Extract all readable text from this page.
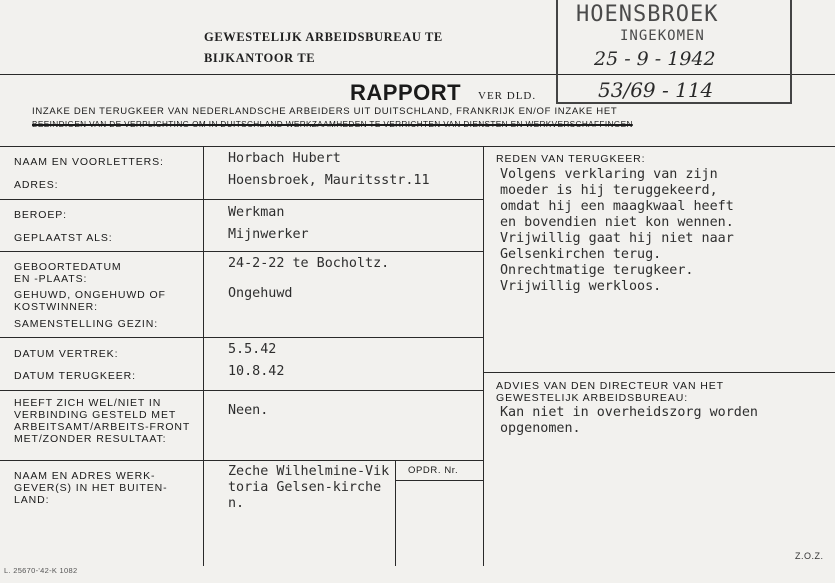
GEWESTELIJK ARBEIDSBUREAU TE
BIJKANTOOR TE
RAPPORT VER DLD.
INZAKE DEN TERUGKEER VAN NEDERLANDSCHE ARBEIDERS UIT DUITSCHLAND, FRANKRIJK EN/OF INZAKE HET
BEEINDIGEN VAN DE VERPLICHTING OM IN DUITSCHLAND WERKZAAMHEDEN TE VERRICHTEN VAN DIENSTEN EN WERKVERSCHAFFINGEN
HOENSBROEK
INGEKOMEN
25 - 9 - 1942
53/69 - 114
NAAM EN VOORLETTERS:
ADRES:
BEROEP:
GEPLAATST ALS:
GEBOORTEDATUM EN -PLAATS:
GEHUWD, ONGEHUWD OF KOSTWINNER:
SAMENSTELLING GEZIN:
DATUM VERTREK:
DATUM TERUGKEER:
HEEFT ZICH WEL/NIET IN VERBINDING GESTELD MET ARBEITSAMT/ARBEITS-FRONT MET/ZONDER RESULTAAT:
NAAM EN ADRES WERK-GEVER(S) IN HET BUITEN-LAND:
Horbach Hubert
Hoensbroek, Mauritsstr.11
Werkman
Mijnwerker
24-2-22 te Bocholtz.
Ongehuwd
5.5.42
10.8.42
Neen.
Zeche Wilhelmine-Viktoria Gelsen-kirchen.
OPDR. Nr.
REDEN VAN TERUGKEER:
Volgens verklaring van zijn
moeder is hij teruggekeerd,
omdat hij een maagkwaal heeft
en bovendien niet kon wennen.
Vrijwillig gaat hij niet naar
Gelsenkirchen terug.
Onrechtmatige terugkeer.
Vrijwillig werkloos.
ADVIES VAN DEN DIRECTEUR VAN HET
GEWESTELIJK ARBEIDSBUREAU:
Kan niet in overheidszorg worden
opgenomen.
L. 25670-'42-K 1082
Z.O.Z.
